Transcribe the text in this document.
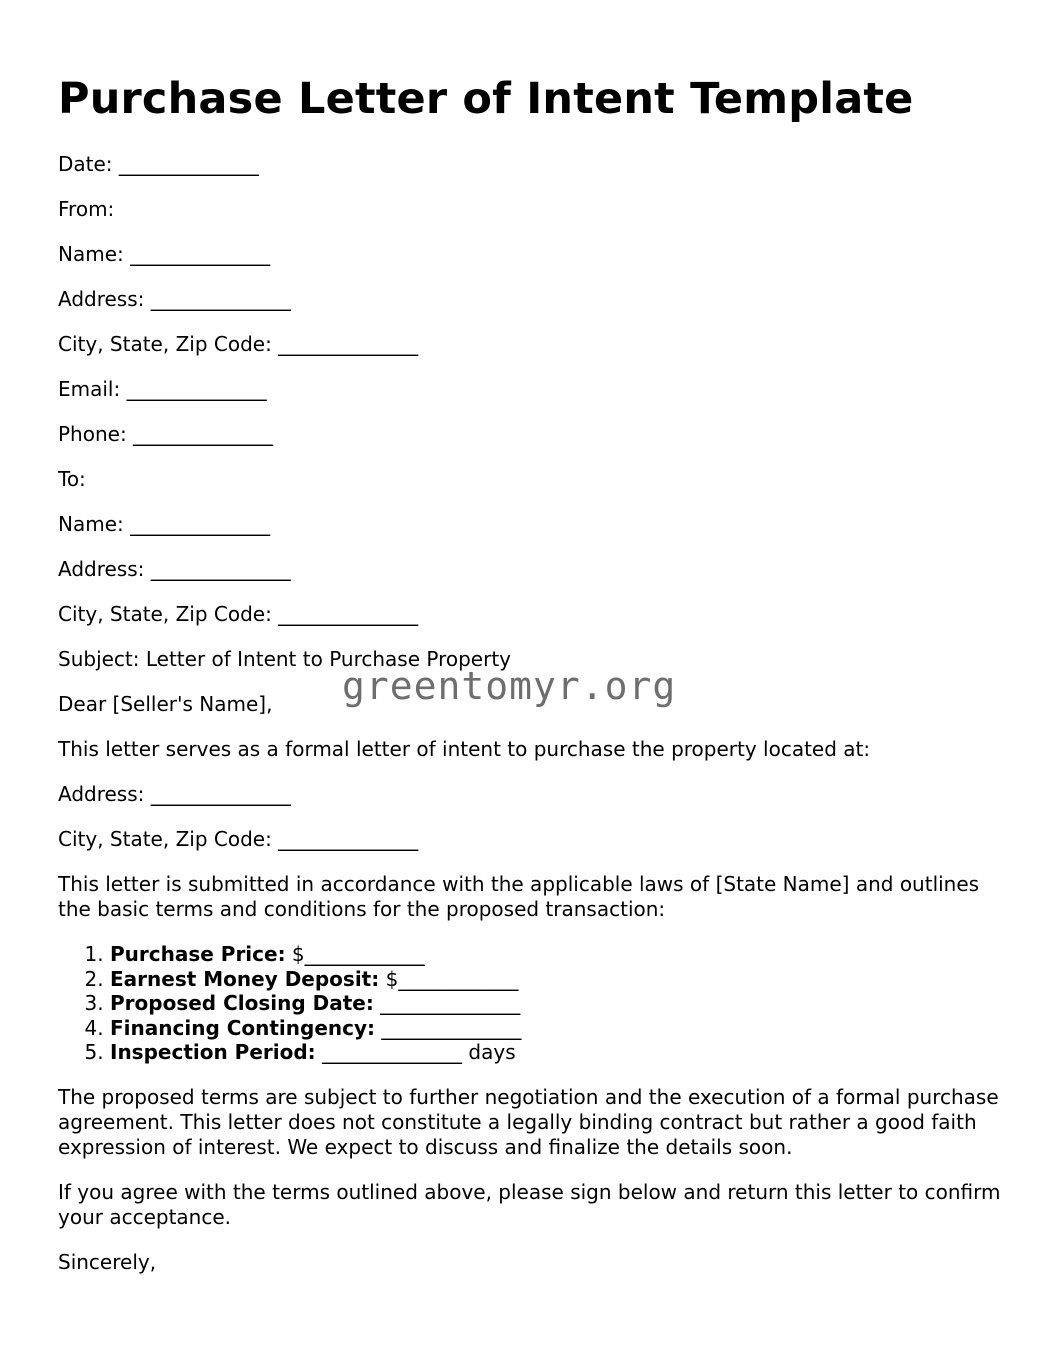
Purchase Letter of Intent Template

Date: ______________

From:

Name: ______________

Address: ______________

City, State, Zip Code: ______________

Email: ______________

Phone: ______________

To:

Name: ______________

Address: ______________

City, State, Zip Code: ______________

Subject: Letter of Intent to Purchase Property

Dear [Seller's Name],

This letter serves as a formal letter of intent to purchase the property located at:

Address: ______________

City, State, Zip Code: ______________

This letter is submitted in accordance with the applicable laws of [State Name] and outlines the basic terms and conditions for the proposed transaction:

1. Purchase Price: $____________
2. Earnest Money Deposit: $____________
3. Proposed Closing Date: ______________
4. Financing Contingency: ______________
5. Inspection Period: ______________ days

The proposed terms are subject to further negotiation and the execution of a formal purchase agreement. This letter does not constitute a legally binding contract but rather a good faith expression of interest. We expect to discuss and finalize the details soon.

If you agree with the terms outlined above, please sign below and return this letter to confirm your acceptance.

Sincerely,

greentomyr.org
